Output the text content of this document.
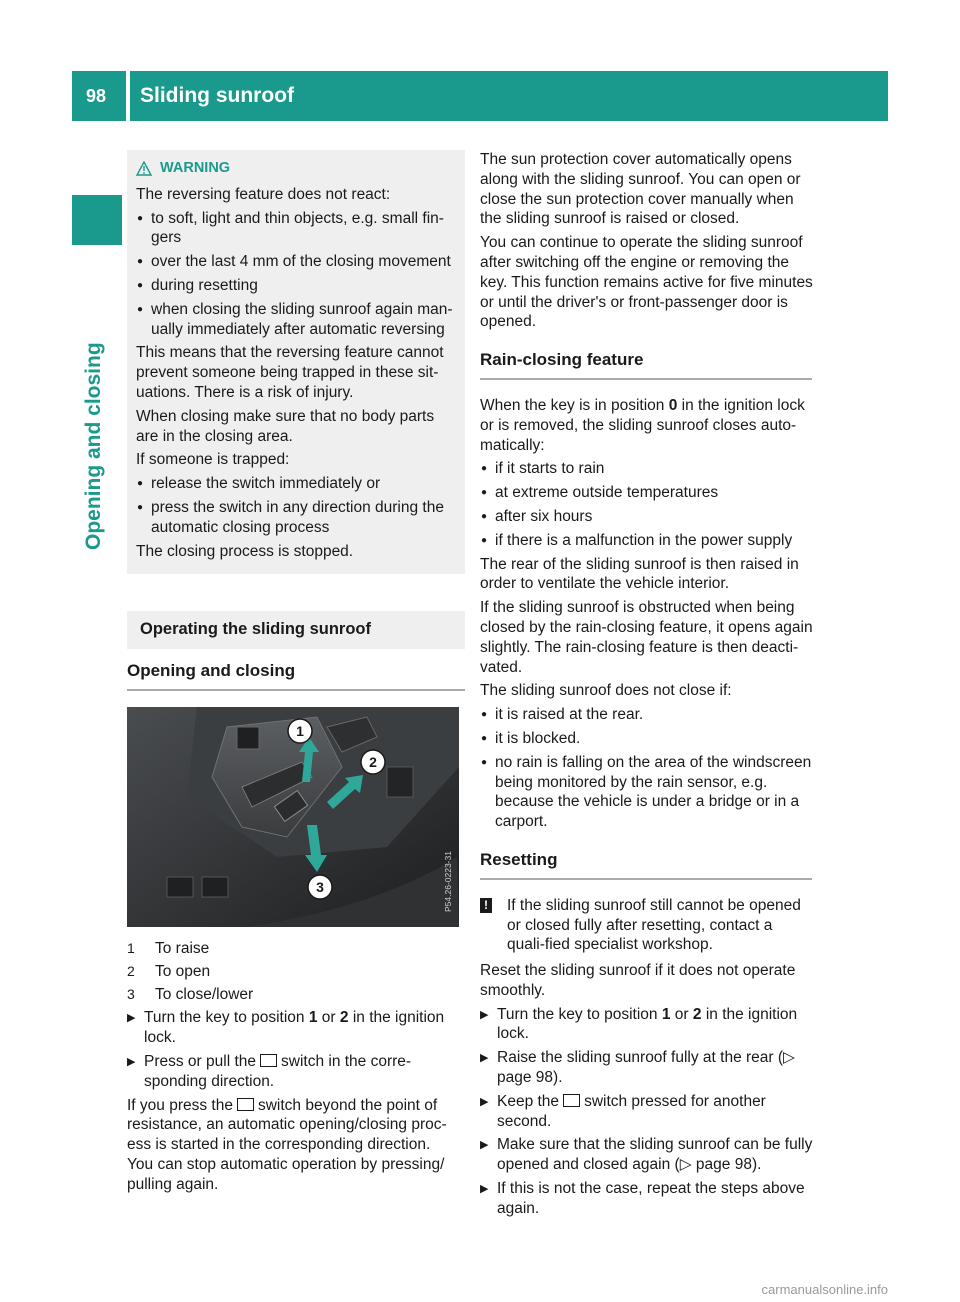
98 Sliding sunroof
Opening and closing
WARNING

The reversing feature does not react:

● to soft, light and thin objects, e.g. small fin-gers
● over the last 4 mm of the closing movement
● during resetting
● when closing the sliding sunroof again man-ually immediately after automatic reversing

This means that the reversing feature cannot prevent someone being trapped in these sit-uations. There is a risk of injury.

When closing make sure that no body parts are in the closing area.

If someone is trapped:

● release the switch immediately or
● press the switch in any direction during the automatic closing process

The closing process is stopped.

Operating the sliding sunroof
Opening and closing
1
2
3	P54.26-0223-31
1	To raise
2	To open
3	To close/lower
▶ Turn the key to position 1 or 2 in the ignition lock.
▶ Press or pull the switch in the corre-sponding direction.

If you press the switch beyond the point of resistance, an automatic opening/closing proc-ess is started in the corresponding direction. You can stop automatic operation by pressing/ pulling again.

The sun protection cover automatically opens along with the sliding sunroof. You can open or close the sun protection cover manually when the sliding sunroof is raised or closed.

You can continue to operate the sliding sunroof after switching off the engine or removing the key. This function remains active for five minutes or until the driver's or front-passenger door is opened.

Rain-closing feature

When the key is in position 0 in the ignition lock or is removed, the sliding sunroof closes auto-matically:

● if it starts to rain
● at extreme outside temperatures
● after six hours
● if there is a malfunction in the power supply

The rear of the sliding sunroof is then raised in order to ventilate the vehicle interior.

If the sliding sunroof is obstructed when being closed by the rain-closing feature, it opens again slightly. The rain-closing feature is then deacti-vated.

The sliding sunroof does not close if:

● it is raised at the rear.
● it is blocked.
● no rain is falling on the area of the windscreen being monitored by the rain sensor, e.g. because the vehicle is under a bridge or in a carport.
Resetting
! If the sliding sunroof still cannot be opened or closed fully after resetting, contact a quali-fied specialist workshop.

Reset the sliding sunroof if it does not operate smoothly.

▶ Turn the key to position 1 or 2 in the ignition lock.
▶ Raise the sliding sunroof fully at the rear (▷ page 98).
▶ Keep the switch pressed for another second.
▶ Make sure that the sliding sunroof can be fully opened and closed again (▷ page 98).
▶ If this is not the case, repeat the steps above again.
carmanualsonline.info
